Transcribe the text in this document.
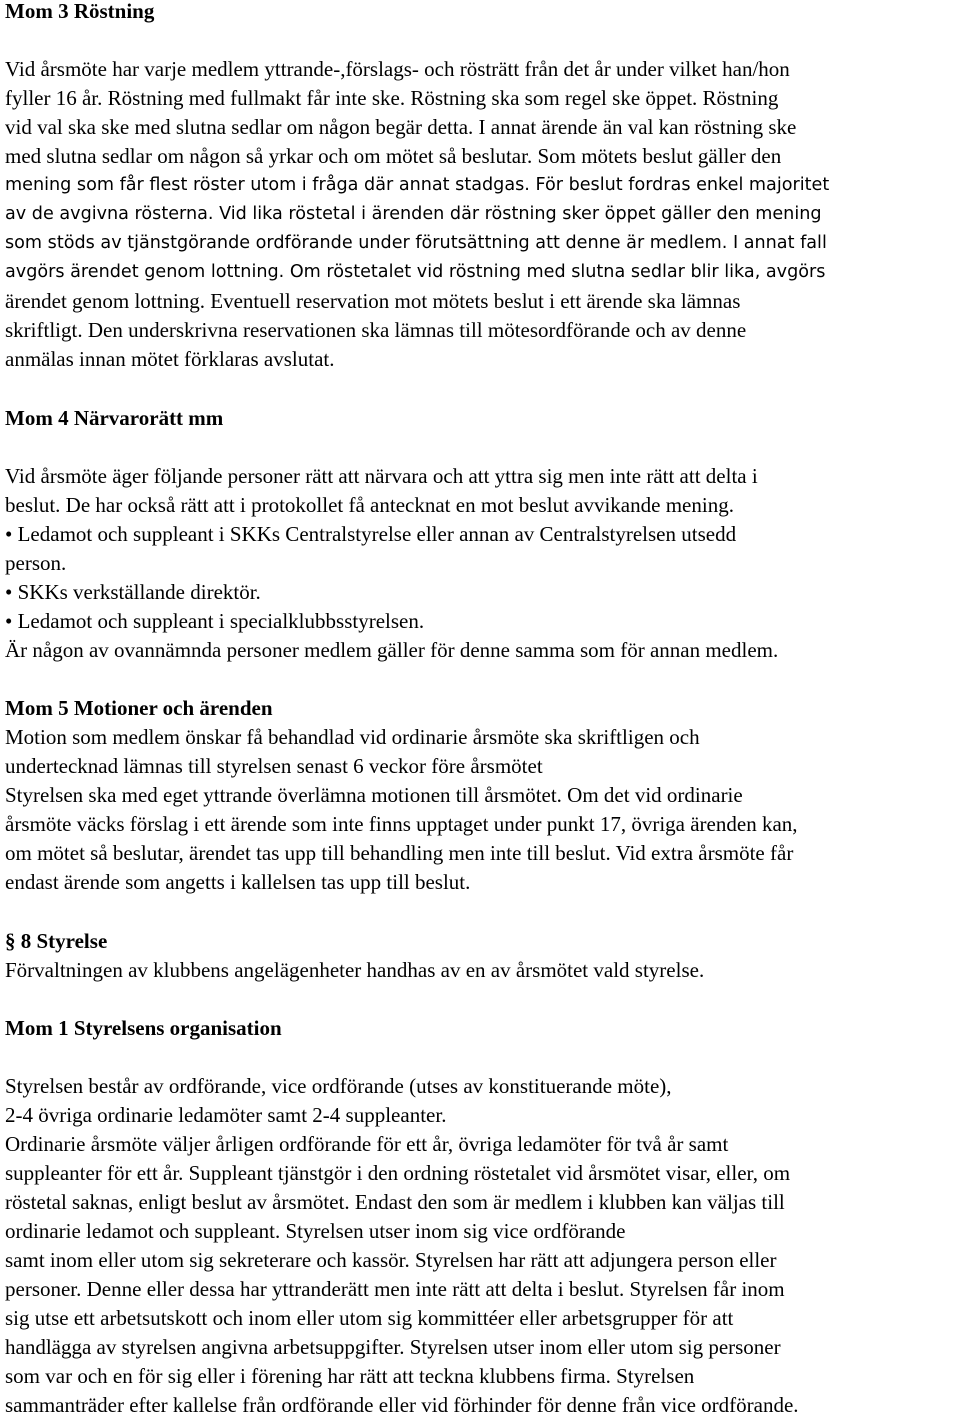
Mom 3 Röstning
Vid årsmöte har varje medlem yttrande-,förslags- och rösträtt från det år under vilket han/hon
fyller 16 år. Röstning med fullmakt får inte ske. Röstning ska som regel ske öppet. Röstning
vid val ska ske med slutna sedlar om någon begär detta. I annat ärende än val kan röstning ske
med slutna sedlar om någon så yrkar och om mötet så beslutar. Som mötets beslut gäller den
mening som får flest röster utom i fråga där annat stadgas. För beslut fordras enkel majoritet
av de avgivna rösterna. Vid lika röstetal i ärenden där röstning sker öppet gäller den mening
som stöds av tjänstgörande ordförande under förutsättning att denne är medlem. I annat fall
avgörs ärendet genom lottning. Om röstetalet vid röstning med slutna sedlar blir lika, avgörs
ärendet genom lottning. Eventuell reservation mot mötets beslut i ett ärende ska lämnas
skriftligt. Den underskrivna reservationen ska lämnas till mötesordförande och av denne
anmälas innan mötet förklaras avslutat.
Mom 4 Närvarorätt mm
Vid årsmöte äger följande personer rätt att närvara och att yttra sig men inte rätt att delta i
beslut. De har också rätt att i protokollet få antecknat en mot beslut avvikande mening.
• Ledamot och suppleant i SKKs Centralstyrelse eller annan av Centralstyrelsen utsedd
person.
• SKKs verkställande direktör.
• Ledamot och suppleant i specialklubbsstyrelsen.
Är någon av ovannämnda personer medlem gäller för denne samma som för annan medlem.
Mom 5 Motioner och ärenden
Motion som medlem önskar få behandlad vid ordinarie årsmöte ska skriftligen och
undertecknad lämnas till styrelsen senast 6 veckor före årsmötet
Styrelsen ska med eget yttrande överlämna motionen till årsmötet. Om det vid ordinarie
årsmöte väcks förslag i ett ärende som inte finns upptaget under punkt 17, övriga ärenden kan,
om mötet så beslutar, ärendet tas upp till behandling men inte till beslut. Vid extra årsmöte får
endast ärende som angetts i kallelsen tas upp till beslut.
§ 8 Styrelse
Förvaltningen av klubbens angelägenheter handhas av en av årsmötet vald styrelse.
Mom 1 Styrelsens organisation
Styrelsen består av ordförande, vice ordförande (utses av konstituerande möte),
2-4 övriga ordinarie ledamöter samt 2-4 suppleanter.
Ordinarie årsmöte väljer årligen ordförande för ett år, övriga ledamöter för två år samt
suppleanter för ett år. Suppleant tjänstgör i den ordning röstetalet vid årsmötet visar, eller, om
röstetal saknas, enligt beslut av årsmötet. Endast den som är medlem i klubben kan väljas till
ordinarie ledamot och suppleant. Styrelsen utser inom sig vice ordförande
samt inom eller utom sig sekreterare och kassör. Styrelsen har rätt att adjungera person eller
personer. Denne eller dessa har yttranderätt men inte rätt att delta i beslut. Styrelsen får inom
sig utse ett arbetsutskott och inom eller utom sig kommittéer eller arbetsgrupper för att
handlägga av styrelsen angivna arbetsuppgifter. Styrelsen utser inom eller utom sig personer
som var och en för sig eller i förening har rätt att teckna klubbens firma. Styrelsen
sammanträder efter kallelse från ordförande eller vid förhinder för denne från vice ordförande.
